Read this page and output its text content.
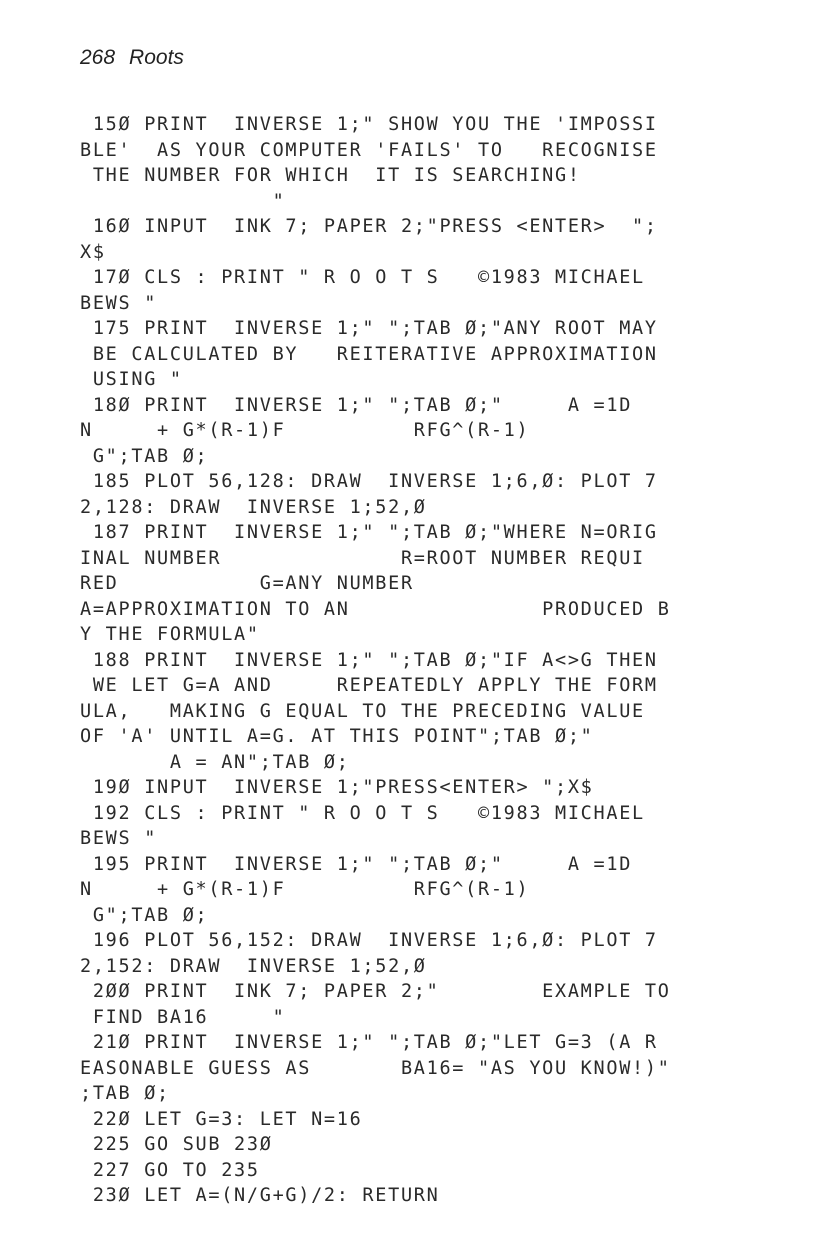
268 Roots
15Ø PRINT  INVERSE 1;" SHOW YOU THE 'IMPOSSI
BLE'  AS YOUR COMPUTER 'FAILS' TO   RECOGNISE
THE NUMBER FOR WHICH  IT IS SEARCHING!
"
16Ø INPUT  INK 7; PAPER 2;"PRESS <ENTER>  ";
X$
17Ø CLS : PRINT " R O O T S   ©1983 MICHAEL
BEWS "
175 PRINT  INVERSE 1;" ";TAB Ø;"ANY ROOT MAY
BE CALCULATED BY   REITERATIVE APPROXIMATION
USING "
18Ø PRINT  INVERSE 1;" ";TAB Ø;"     A =1D
N     + G*(R-1)F          RFG^(R-1)
G";TAB Ø;
185 PLOT 56,128: DRAW  INVERSE 1;6,Ø: PLOT 7
2,128: DRAW  INVERSE 1;52,Ø
187 PRINT  INVERSE 1;" ";TAB Ø;"WHERE N=ORIG
INAL NUMBER              R=ROOT NUMBER REQUI
RED           G=ANY NUMBER
A=APPROXIMATION TO AN               PRODUCED B
Y THE FORMULA"
188 PRINT  INVERSE 1;" ";TAB Ø;"IF A<>G THEN
WE LET G=A AND     REPEATEDLY APPLY THE FORM
ULA,   MAKING G EQUAL TO THE PRECEDING VALUE
OF 'A' UNTIL A=G. AT THIS POINT";TAB Ø;"
A = AN";TAB Ø;
19Ø INPUT  INVERSE 1;"PRESS<ENTER> ";X$
192 CLS : PRINT " R O O T S   ©1983 MICHAEL
BEWS "
195 PRINT  INVERSE 1;" ";TAB Ø;"     A =1D
N     + G*(R-1)F          RFG^(R-1)
G";TAB Ø;
196 PLOT 56,152: DRAW  INVERSE 1;6,Ø: PLOT 7
2,152: DRAW  INVERSE 1;52,Ø
2ØØ PRINT  INK 7; PAPER 2;"        EXAMPLE TO
FIND BA16     "
21Ø PRINT  INVERSE 1;" ";TAB Ø;"LET G=3 (A R
EASONABLE GUESS AS       BA16= "AS YOU KNOW!)"
;TAB Ø;
22Ø LET G=3: LET N=16
225 GO SUB 23Ø
227 GO TO 235
23Ø LET A=(N/G+G)/2: RETURN
